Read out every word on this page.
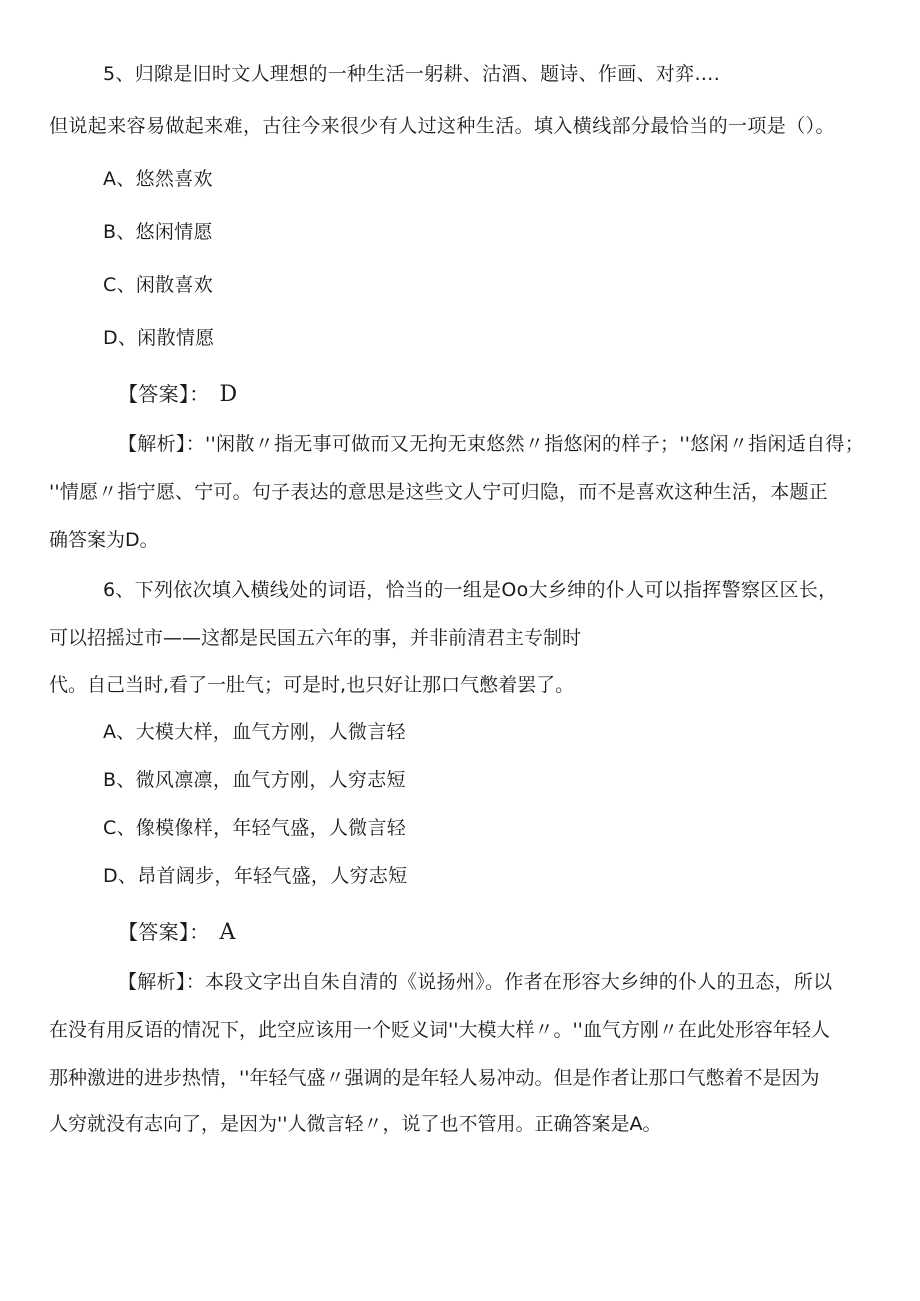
5、归隙是旧时文人理想的一种生活一躬耕、沽酒、题诗、作画、对弈….
但说起来容易做起来难，古往今来很少有人过这种生活。填入横线部分最恰当的一项是（）。
A、悠然喜欢
B、悠闲情愿
C、闲散喜欢
D、闲散情愿
【答案】： D
【解析】：''闲散〃指无事可做而又无拘无束悠然〃指悠闲的样子；''悠闲〃指闲适自得；
''情愿〃指宁愿、宁可。句子表达的意思是这些文人宁可归隐，而不是喜欢这种生活，本题正
确答案为D。
6、下列依次填入横线处的词语，恰当的一组是Oo大乡绅的仆人可以指挥警察区区长，
可以招摇过市——这都是民国五六年的事，并非前清君主专制时
代。自己当时,看了一肚气；可是时,也只好让那口气憋着罢了。
A、大模大样，血气方刚，人微言轻
B、微风凛凛，血气方刚，人穷志短
C、像模像样，年轻气盛，人微言轻
D、昂首阔步，年轻气盛，人穷志短
【答案】： A
【解析】：本段文字出自朱自清的《说扬州》。作者在形容大乡绅的仆人的丑态，所以
在没有用反语的情况下，此空应该用一个贬义词''大模大样〃。''血气方刚〃在此处形容年轻人
那种激进的进步热情，''年轻气盛〃强调的是年轻人易冲动。但是作者让那口气憋着不是因为
人穷就没有志向了，是因为''人微言轻〃，说了也不管用。正确答案是A。
